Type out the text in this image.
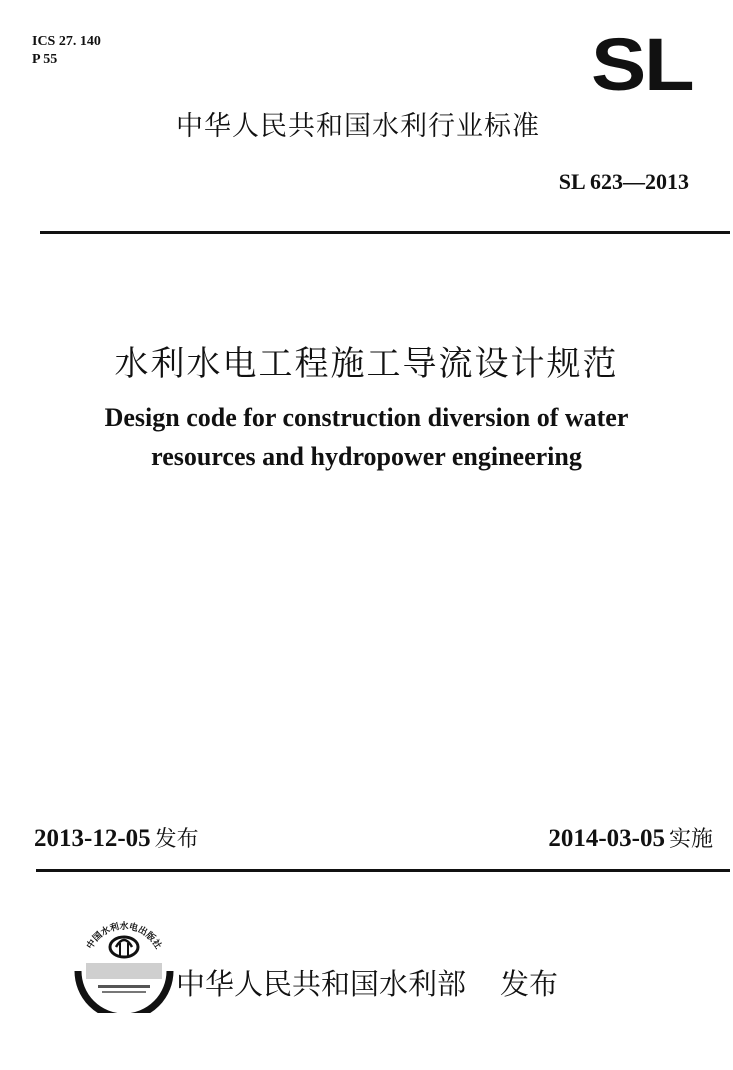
ICS 27. 140
P 55	SL
中华人民共和国水利行业标准
SL 623—2013
水利水电工程施工导流设计规范
Design code for construction diversion of water
resources and hydropower engineering
2013-12-05 发布	2014-03-05 实施
中国水利水电出版社
中华人民共和国水利部 发布
